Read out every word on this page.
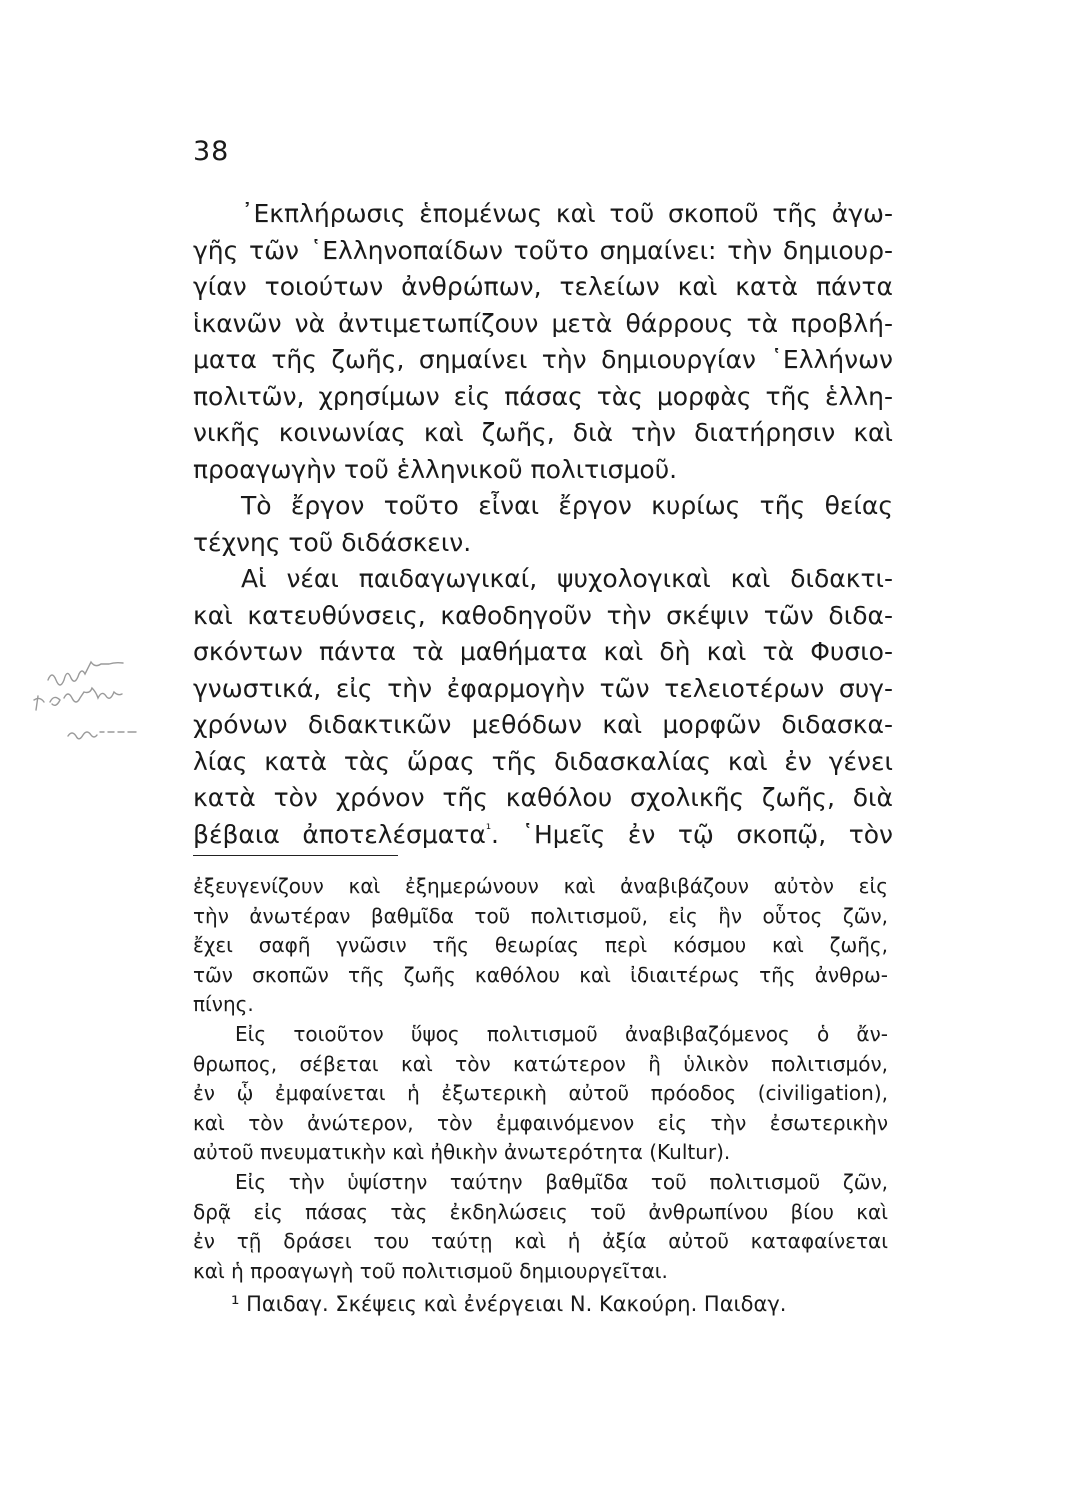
38
᾽Εκπλήρωσις ἑπομένως καὶ τοῦ σκοποῦ τῆς ἀγω-
γῆς τῶν ῾Ελληνοπαίδων τοῦτο σημαίνει: τὴν δημιουρ-
γίαν τοιούτων ἀνθρώπων, τελείων καὶ κατὰ πάντα
ἱκανῶν νὰ ἀντιμετωπίζουν μετὰ θάρρους τὰ προβλή-
ματα τῆς ζωῆς, σημαίνει τὴν δημιουργίαν ῾Ελλήνων
πολιτῶν, χρησίμων εἰς πάσας τὰς μορφὰς τῆς ἑλλη-
νικῆς κοινωνίας καὶ ζωῆς, διὰ τὴν διατήρησιν καὶ
προαγωγὴν τοῦ ἑλληνικοῦ πολιτισμοῦ.
Τὸ ἔργον τοῦτο εἶναι ἔργον κυρίως τῆς θείας
τέχνης τοῦ διδάσκειν.
Αἱ νέαι παιδαγωγικαί, ψυχολογικαὶ καὶ διδακτι-
καὶ κατευθύνσεις, καθοδηγοῦν τὴν σκέψιν τῶν διδα-
σκόντων πάντα τὰ μαθήματα καὶ δὴ καὶ τὰ Φυσιο-
γνωστικά, εἰς τὴν ἐφαρμογὴν τῶν τελειοτέρων συγ-
χρόνων διδακτικῶν μεθόδων καὶ μορφῶν διδασκα-
λίας κατὰ τὰς ὥρας τῆς διδασκαλίας καὶ ἐν γένει
κατὰ τὸν χρόνον τῆς καθόλου σχολικῆς ζωῆς, διὰ
βέβαια ἀποτελέσματα$^{^1}$. ῾Ημεῖς ἐν τῷ σκοπῷ, τὸν
ἐξευγενίζουν καὶ ἐξημερώνουν καὶ ἀναβιβάζουν αὐτὸν εἰς
τὴν ἀνωτέραν βαθμῖδα τοῦ πολιτισμοῦ, εἰς ἣν οὗτος ζῶν,
ἔχει σαφῆ γνῶσιν τῆς θεωρίας περὶ κόσμου καὶ ζωῆς,
τῶν σκοπῶν τῆς ζωῆς καθόλου καὶ ἰδιαιτέρως τῆς ἀνθρω-
πίνης.
Εἰς τοιοῦτον ὕψος πολιτισμοῦ ἀναβιβαζόμενος ὁ ἄν-
θρωπος, σέβεται καὶ τὸν κατώτερον ἢ ὑλικὸν πολιτισμόν,
ἐν ᾧ ἐμφαίνεται ἡ ἐξωτερικὴ αὐτοῦ πρόοδος (civiligation),
καὶ τὸν ἀνώτερον, τὸν ἐμφαινόμενον εἰς τὴν ἐσωτερικὴν
αὐτοῦ πνευματικὴν καὶ ἠθικὴν ἀνωτερότητα (Kultur).
Εἰς τὴν ὑψίστην ταύτην βαθμῖδα τοῦ πολιτισμοῦ ζῶν,
δρᾷ εἰς πάσας τὰς ἐκδηλώσεις τοῦ ἀνθρωπίνου βίου καὶ
ἐν τῇ δράσει του ταύτῃ καὶ ἡ ἀξία αὐτοῦ καταφαίνεται
καὶ ἡ προαγωγὴ τοῦ πολιτισμοῦ δημιουργεῖται.
¹ Παιδαγ. Σκέψεις καὶ ἐνέργειαι Ν. Κακούρη. Παιδαγ.
